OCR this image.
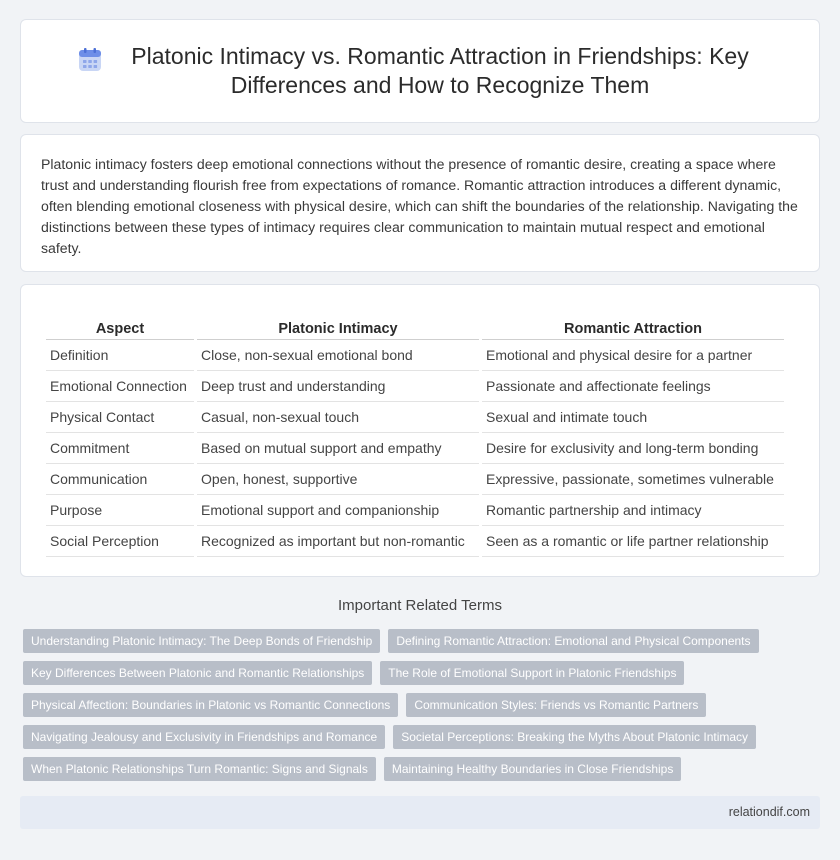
Platonic Intimacy vs. Romantic Attraction in Friendships: Key Differences and How to Recognize Them

Platonic intimacy fosters deep emotional connections without the presence of romantic desire, creating a space where trust and understanding flourish free from expectations of romance. Romantic attraction introduces a different dynamic, often blending emotional closeness with physical desire, which can shift the boundaries of the relationship. Navigating the distinctions between these types of intimacy requires clear communication to maintain mutual respect and emotional safety.

Aspect	Platonic Intimacy	Romantic Attraction
Definition	Close, non-sexual emotional bond	Emotional and physical desire for a partner
Emotional Connection	Deep trust and understanding	Passionate and affectionate feelings
Physical Contact	Casual, non-sexual touch	Sexual and intimate touch
Commitment	Based on mutual support and empathy	Desire for exclusivity and long-term bonding
Communication	Open, honest, supportive	Expressive, passionate, sometimes vulnerable
Purpose	Emotional support and companionship	Romantic partnership and intimacy
Social Perception	Recognized as important but non-romantic	Seen as a romantic or life partner relationship
Important Related Terms
Understanding Platonic Intimacy: The Deep Bonds of Friendship	Defining Romantic Attraction: Emotional and Physical Components
Key Differences Between Platonic and Romantic Relationships	The Role of Emotional Support in Platonic Friendships
Physical Affection: Boundaries in Platonic vs Romantic Connections	Communication Styles: Friends vs Romantic Partners
Navigating Jealousy and Exclusivity in Friendships and Romance	Societal Perceptions: Breaking the Myths About Platonic Intimacy
When Platonic Relationships Turn Romantic: Signs and Signals	Maintaining Healthy Boundaries in Close Friendships
relationdif.com
